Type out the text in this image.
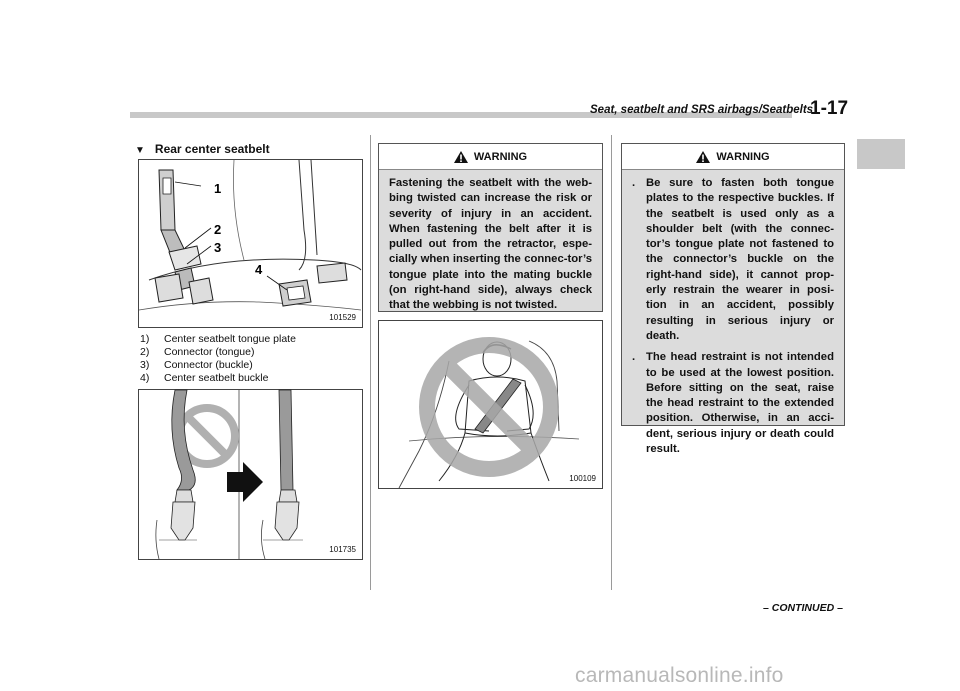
Seat, seatbelt and SRS airbags/Seatbelts
1-17
▼ Rear center seatbelt
1
2
3
4
101529
1) Center seatbelt tongue plate
2) Connector (tongue)
3) Connector (buckle)
4) Center seatbelt buckle
101735
WARNING

Fastening the seatbelt with the web-bing twisted can increase the risk or severity of injury in an accident. When fastening the belt after it is pulled out from the retractor, espe-cially when inserting the connec-tor’s tongue plate into the mating buckle (on right-hand side), always check that the webbing is not twisted.

100109
WARNING
. Be sure to fasten both tongue plates to the respective buckles. If the seatbelt is used only as a shoulder belt (with the connec-tor’s tongue plate not fastened to the connector’s buckle on the right-hand side), it cannot prop-erly restrain the wearer in posi-tion in an accident, possibly resulting in serious injury or death.
. The head restraint is not intended to be used at the lowest position. Before sitting on the seat, raise the head restraint to the extended position. Otherwise, in an acci-dent, serious injury or death could result.
– CONTINUED –
carmanualsonline.info
